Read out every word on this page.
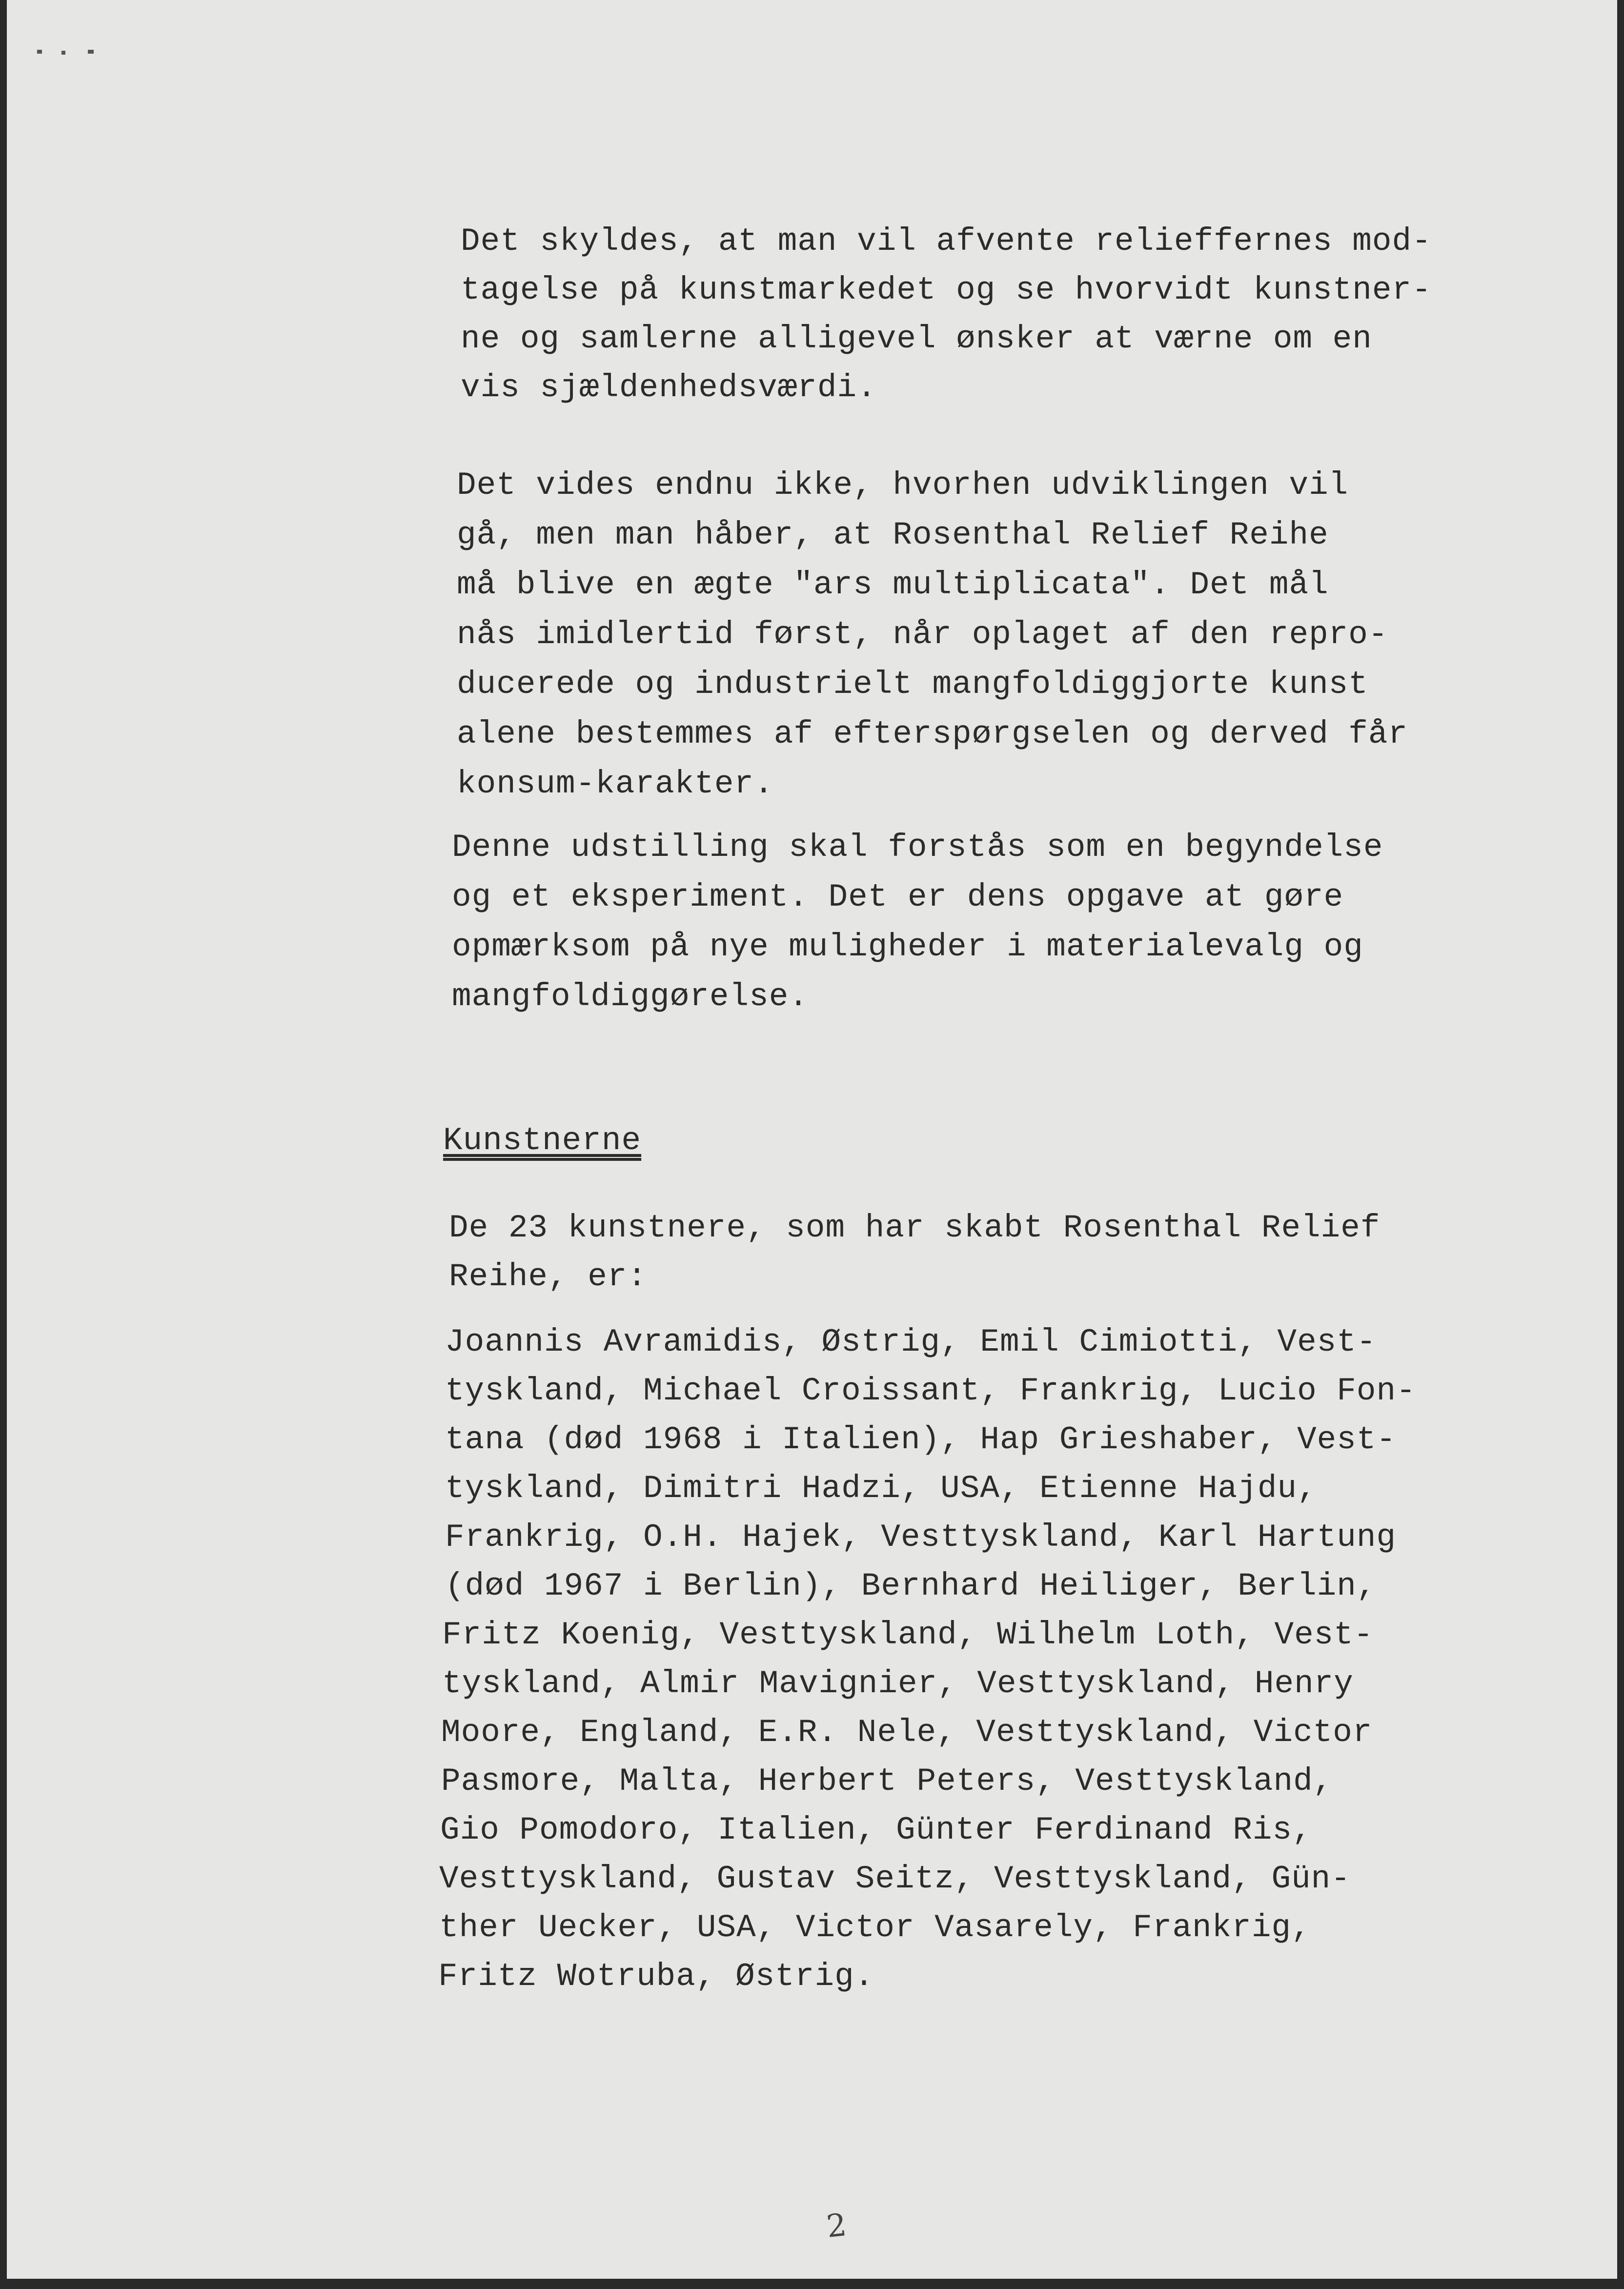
Det skyldes, at man vil afvente relieffernes mod-
tagelse på kunstmarkedet og se hvorvidt kunstner-
ne og samlerne alligevel ønsker at værne om en
vis sjældenhedsværdi.
Det vides endnu ikke, hvorhen udviklingen vil
gå, men man håber, at Rosenthal Relief Reihe
må blive en ægte "ars multiplicata". Det mål
nås imidlertid først, når oplaget af den repro-
ducerede og industrielt mangfoldiggjorte kunst
alene bestemmes af efterspørgselen og derved får
konsum-karakter.
Denne udstilling skal forstås som en begyndelse
og et eksperiment. Det er dens opgave at gøre
opmærksom på nye muligheder i materialevalg og
mangfoldiggørelse.
Kunstnerne
De 23 kunstnere, som har skabt Rosenthal Relief
Reihe, er:
Joannis Avramidis, Østrig, Emil Cimiotti, Vest-
tyskland, Michael Croissant, Frankrig, Lucio Fon-
tana (død 1968 i Italien), Hap Grieshaber, Vest-
tyskland, Dimitri Hadzi, USA, Etienne Hajdu,
Frankrig, O.H. Hajek, Vesttyskland, Karl Hartung
(død 1967 i Berlin), Bernhard Heiliger, Berlin,
Fritz Koenig, Vesttyskland, Wilhelm Loth, Vest-
tyskland, Almir Mavignier, Vesttyskland, Henry
Moore, England, E.R. Nele, Vesttyskland, Victor
Pasmore, Malta, Herbert Peters, Vesttyskland,
Gio Pomodoro, Italien, Günter Ferdinand Ris,
Vesttyskland, Gustav Seitz, Vesttyskland, Gün-
ther Uecker, USA, Victor Vasarely, Frankrig,
Fritz Wotruba, Østrig.
2
